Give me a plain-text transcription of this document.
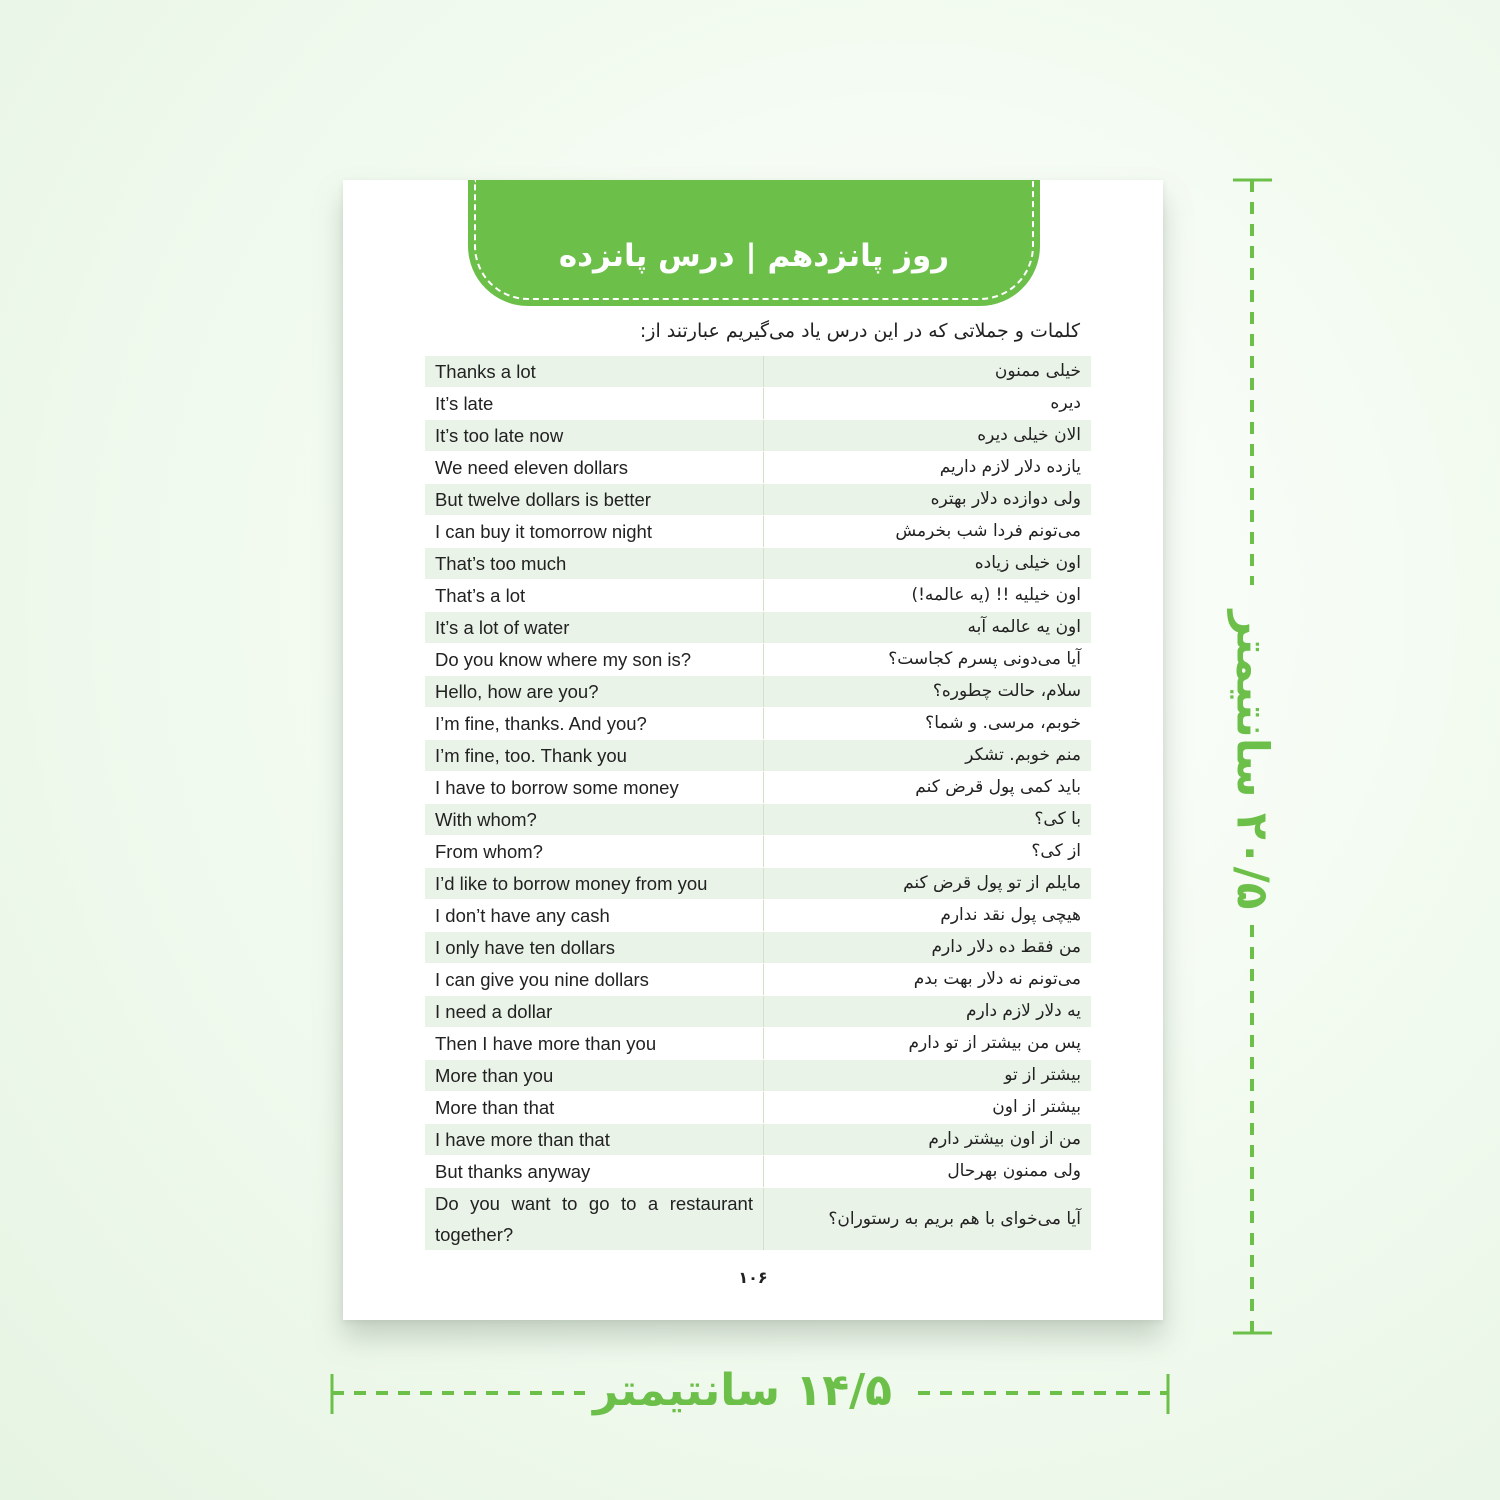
روز پانزدهم | درس پانزده
کلمات و جملاتی که در این درس یاد می‌گیریم عبارتند از:
Thanks a lot	خیلی ممنون
It’s late	دیره
It’s too late now	الان خیلی دیره
We need eleven dollars	یازده دلار لازم داریم
But twelve dollars is better	ولی دوازده دلار بهتره
I can buy it tomorrow night	می‌تونم فردا شب بخرمش
That’s too much	اون خیلی زیاده
That’s a lot	اون خیلیه !! (یه عالمه!)
It’s a lot of water	اون یه عالمه آبه
Do you know where my son is?	آیا می‌دونی پسرم کجاست؟
Hello, how are you?	سلام، حالت چطوره؟
I’m fine, thanks. And you?	خوبم، مرسی. و شما؟
I’m fine, too. Thank you	منم خوبم. تشکر
I have to borrow some money	باید کمی پول قرض کنم
With whom?	با کی؟
From whom?	از کی؟
I’d like to borrow money from you	مایلم از تو پول قرض کنم
I don’t have any cash	هیچی پول نقد ندارم
I only have ten dollars	من فقط ده دلار دارم
I can give you nine dollars	می‌تونم نه دلار بهت بدم
I need a dollar	یه دلار لازم دارم
Then I have more than you	پس من بیشتر از تو دارم
More than you	بیشتر از تو
More than that	بیشتر از اون
I have more than that	من از اون بیشتر دارم
But thanks anyway	ولی ممنون بهرحال
Do you want to go to a restaurant together?	آیا می‌خوای با هم بریم به رستوران؟
۱۰۶
۱۴/۵ سانتیمتر
۲۰/۵ سانتیمتر
